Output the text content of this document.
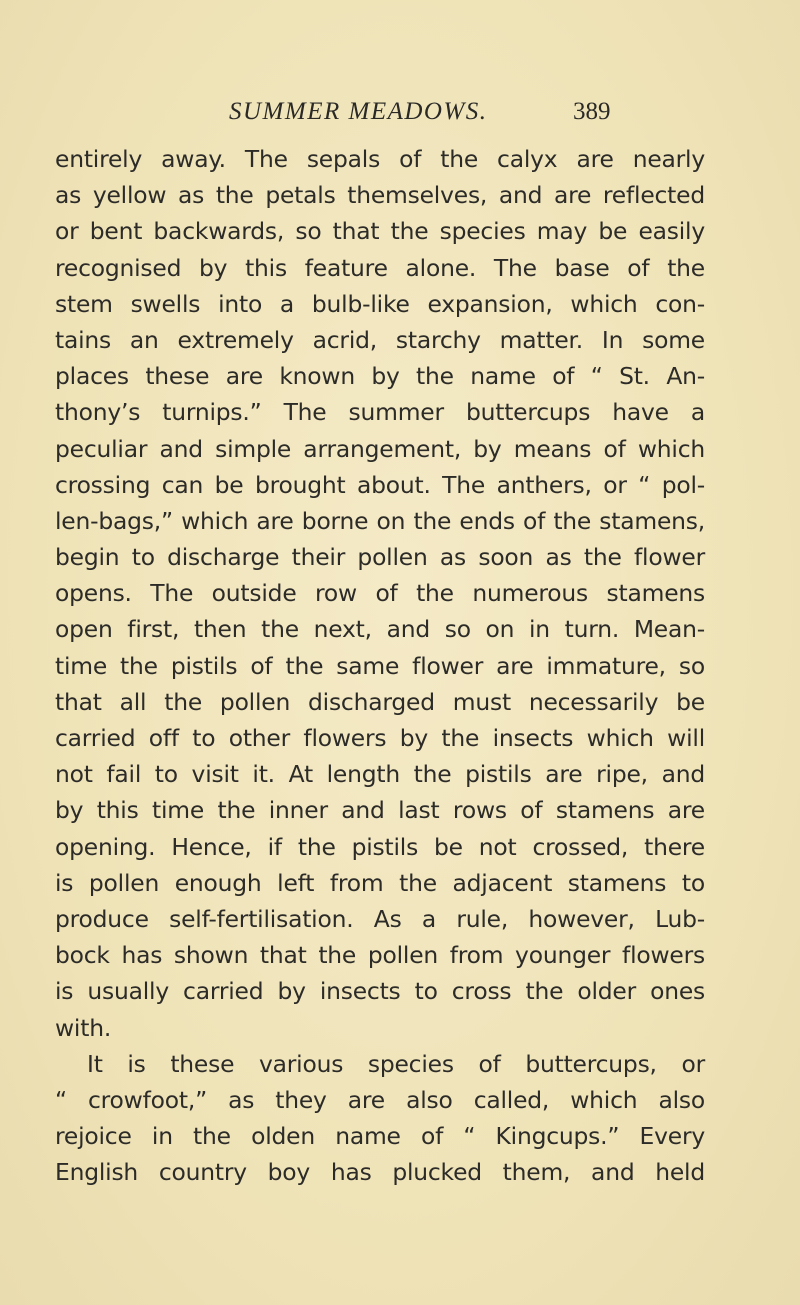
SUMMER MEADOWS.	389
entirely away. The sepals of the calyx are nearly
as yellow as the petals themselves, and are reflected
or bent backwards, so that the species may be easily
recognised by this feature alone. The base of the
stem swells into a bulb-like expansion, which con-
tains an extremely acrid, starchy matter. In some
places these are known by the name of “ St. An-
thony’s turnips.” The summer buttercups have a
peculiar and simple arrangement, by means of which
crossing can be brought about. The anthers, or “ pol-
len-bags,” which are borne on the ends of the stamens,
begin to discharge their pollen as soon as the flower
opens. The outside row of the numerous stamens
open first, then the next, and so on in turn. Mean-
time the pistils of the same flower are immature, so
that all the pollen discharged must necessarily be
carried off to other flowers by the insects which will
not fail to visit it. At length the pistils are ripe, and
by this time the inner and last rows of stamens are
opening. Hence, if the pistils be not crossed, there
is pollen enough left from the adjacent stamens to
produce self-fertilisation. As a rule, however, Lub-
bock has shown that the pollen from younger flowers
is usually carried by insects to cross the older ones
with.
It is these various species of buttercups, or
“ crowfoot,” as they are also called, which also
rejoice in the olden name of “ Kingcups.” Every
English country boy has plucked them, and held
